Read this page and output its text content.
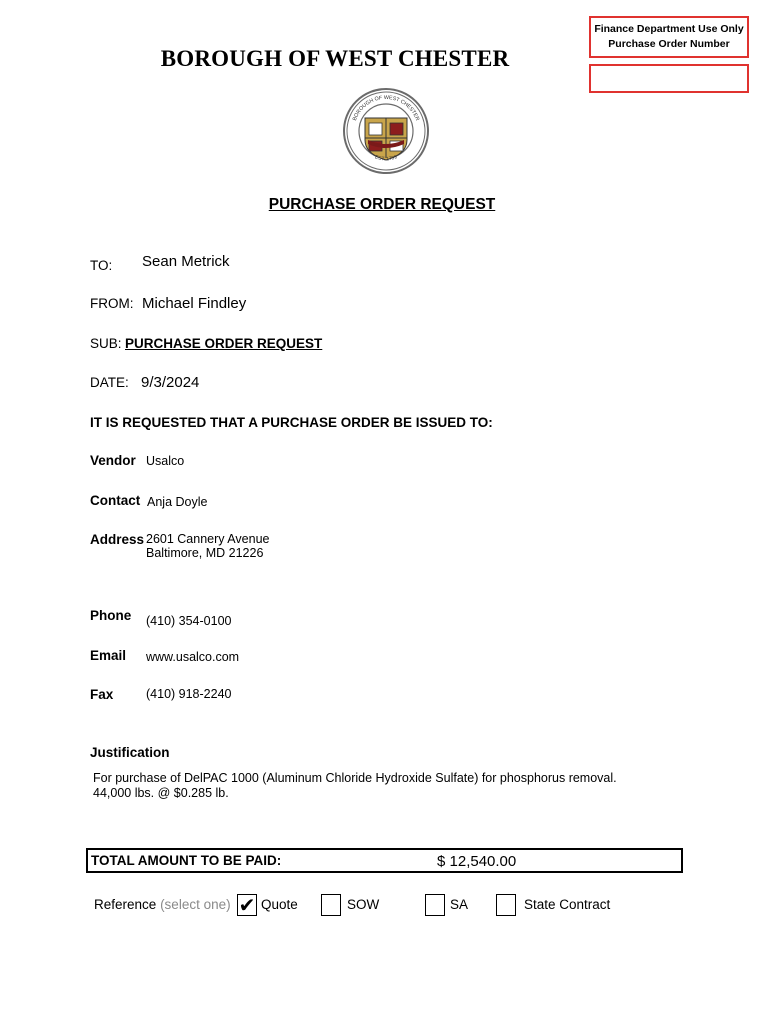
BOROUGH OF WEST CHESTER
Finance Department Use Only
Purchase Order Number
BOROUGH OF WEST CHESTER
EST. 1799
PURCHASE ORDER REQUEST
TO: Sean Metrick
FROM: Michael Findley
SUB: PURCHASE ORDER REQUEST
DATE: 9/3/2024
IT IS REQUESTED THAT A PURCHASE ORDER BE ISSUED TO:
Vendor Usalco
Contact Anja Doyle
Address 2601 Cannery Avenue
Baltimore, MD 21226
Phone (410) 354-0100
Email www.usalco.com
Fax	(410) 918-2240
Justification
For purchase of DelPAC 1000 (Aluminum Chloride Hydroxide Sulfate) for phosphorus removal.
44,000 lbs. @ $0.285 lb.
TOTAL AMOUNT TO BE PAID:	$ 12,540.00
Reference (select one) ✔ Quote	SOW	SA	State Contract
